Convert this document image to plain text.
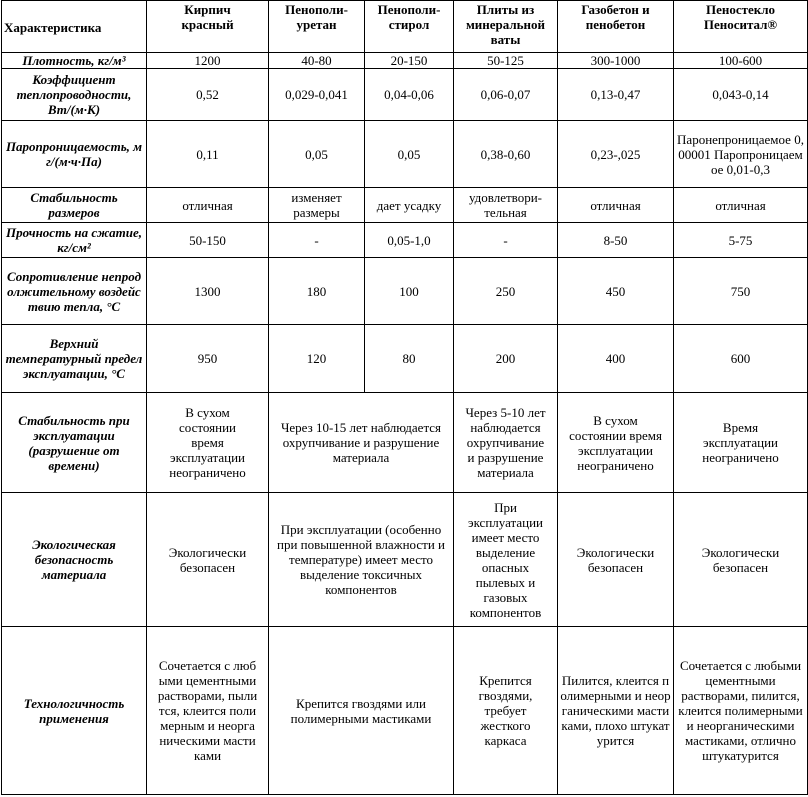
Характеристика	Кирпич красный	Пенополи-уретан	Пенополи-стирол	Плиты из минеральной ваты	Газобетон и пенобетон	Пеностекло Пеноситал®
Плотность, кг/м³	1200	40-80	20-150	50-125	300-1000	100-600
Коэффициент теплопроводности, Вт/(м·К)	0,52	0,029-0,041	0,04-0,06	0,06-0,07	0,13-0,47	0,043-0,14
Паропроницаемость, мг/(м·ч·Па)	0,11	0,05	0,05	0,38-0,60	0,23-,025	Паронепроницаемое 0,00001 Паропроницаемое 0,01-0,3
Стабильность размеров	отличная	изменяет размеры	дает усадку	удовлетвори-тельная	отличная	отличная
Прочность на сжатие, кг/см²	50-150	-	0,05-1,0	-	8-50	5-75
Сопротивление непродолжительному воздействию тепла, °С	1300	180	100	250	450	750
Верхний температурный предел эксплуатации, °С	950	120	80	200	400	600
Стабильность при эксплуатации (разрушение от времени)	В сухом состоянии время эксплуатации неограничено	Через 10-15 лет наблюдается охрупчивание и разрушение материала		Через 5-10 лет наблюдается охрупчивание и разрушение материала	В сухом состоянии время эксплуатации неограничено	Время эксплуатации неограничено
Экологическая безопасность материала	Экологически безопасен	При эксплуатации (особенно при повышенной влажности и температуре) имеет место выделение токсичных компонентов		При эксплуатации имеет место выделение опасных пылевых и газовых компонентов	Экологически безопасен	Экологически безопасен
Технологичность применения	Сочетается с любыми цементными растворами, пылится, клеится полимерным и неорганическими мастиками	Крепится гвоздями или полимерными мастиками		Крепится гвоздями, требует жесткого каркаса	Пилится, клеится полимерными и неорганическими мастиками, плохо штукатурится	Сочетается с любыми цементными растворами, пилится, клеится полимерными и неорганическими мастиками, отлично штукатурится
